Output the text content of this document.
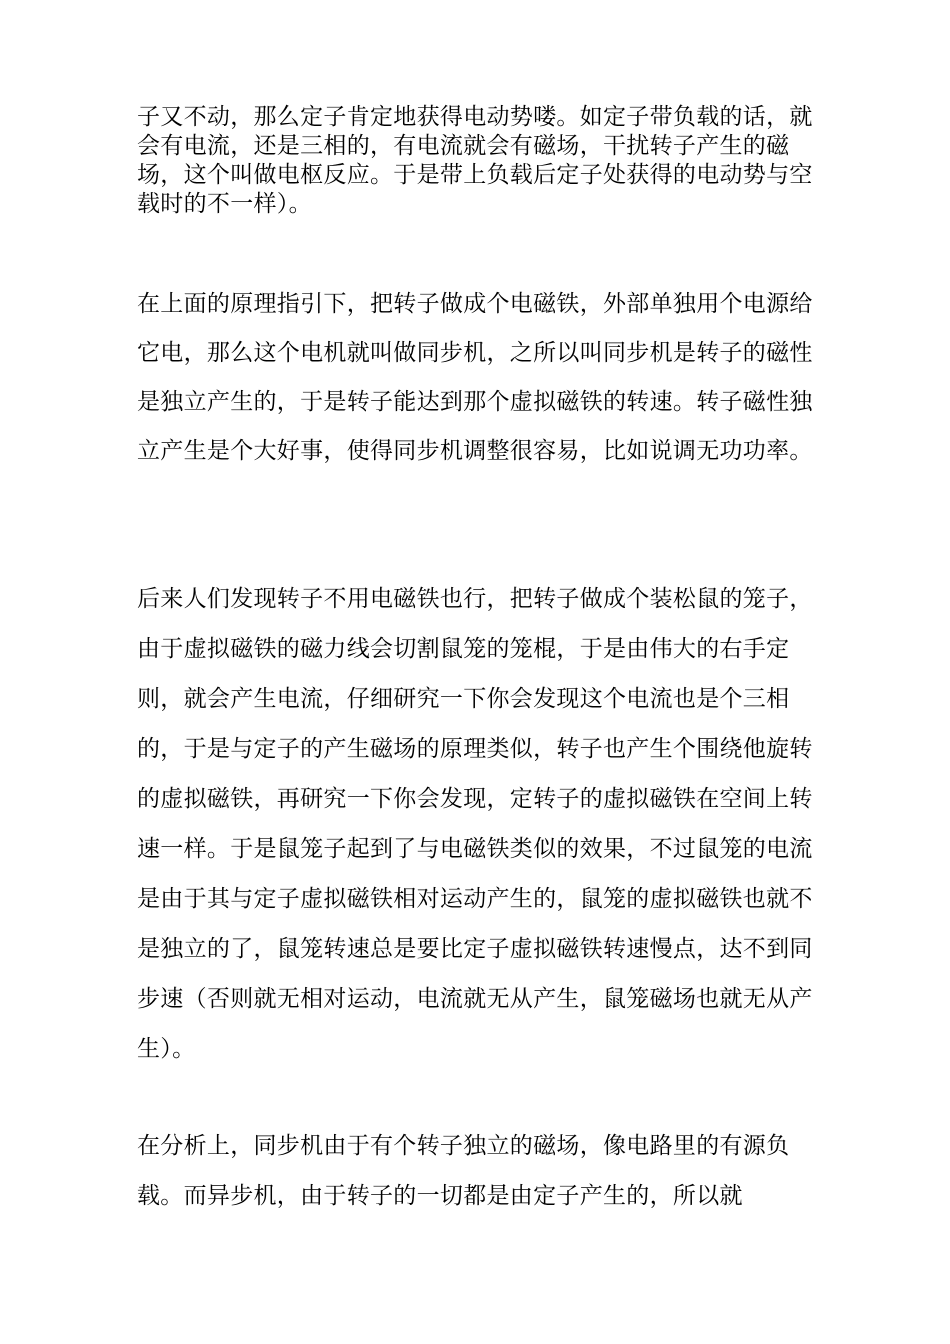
子又不动，那么定子肯定地获得电动势喽。如定子带负载的话，就会有电流，还是三相的，有电流就会有磁场，干扰转子产生的磁场，这个叫做电枢反应。于是带上负载后定子处获得的电动势与空载时的不一样）。

在上面的原理指引下，把转子做成个电磁铁，外部单独用个电源给它电，那么这个电机就叫做同步机，之所以叫同步机是转子的磁性是独立产生的，于是转子能达到那个虚拟磁铁的转速。转子磁性独立产生是个大好事，使得同步机调整很容易，比如说调无功功率。

后来人们发现转子不用电磁铁也行，把转子做成个装松鼠的笼子，由于虚拟磁铁的磁力线会切割鼠笼的笼棍，于是由伟大的右手定则，就会产生电流，仔细研究一下你会发现这个电流也是个三相的，于是与定子的产生磁场的原理类似，转子也产生个围绕他旋转的虚拟磁铁，再研究一下你会发现，定转子的虚拟磁铁在空间上转速一样。于是鼠笼子起到了与电磁铁类似的效果，不过鼠笼的电流是由于其与定子虚拟磁铁相对运动产生的，鼠笼的虚拟磁铁也就不是独立的了，鼠笼转速总是要比定子虚拟磁铁转速慢点，达不到同步速（否则就无相对运动，电流就无从产生，鼠笼磁场也就无从产生）。

在分析上，同步机由于有个转子独立的磁场，像电路里的有源负载。而异步机，由于转子的一切都是由定子产生的，所以就
